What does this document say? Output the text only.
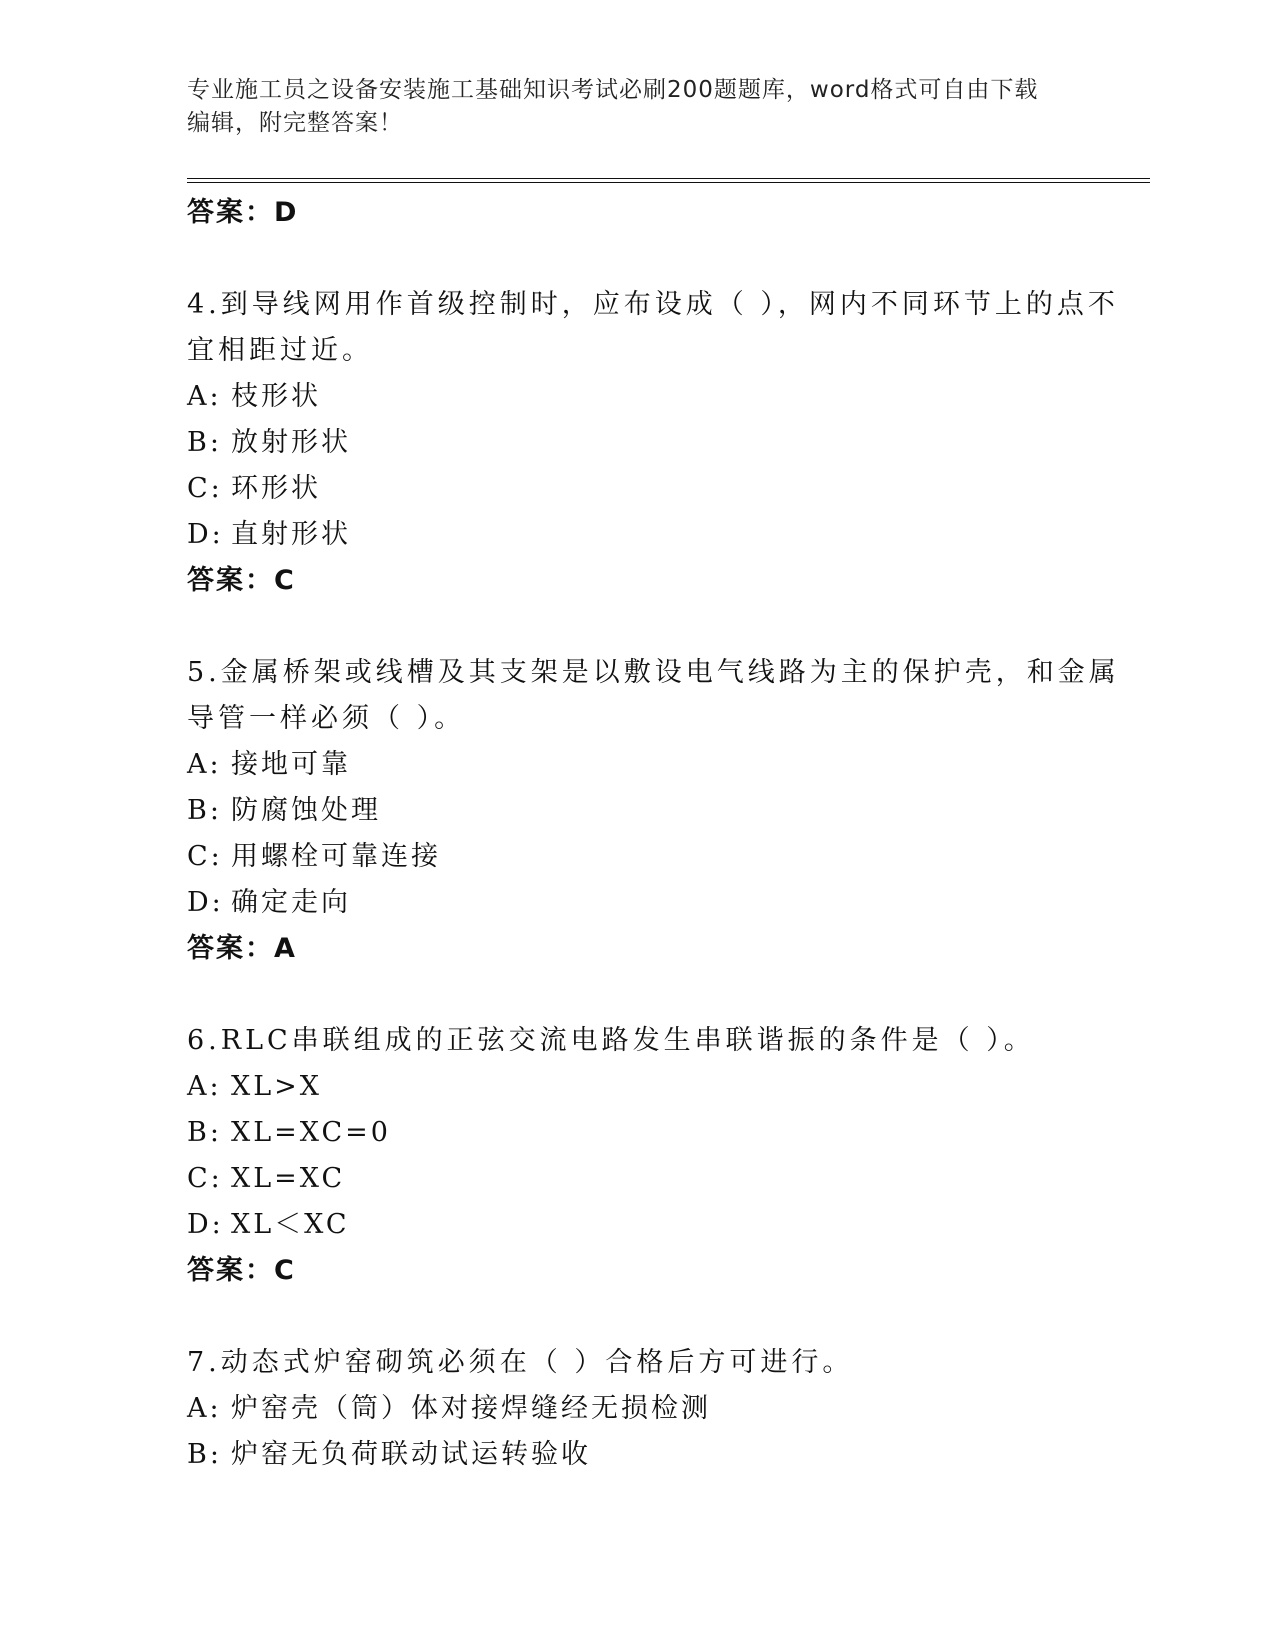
专业施工员之设备安装施工基础知识考试必刷200题题库，word格式可自由下载
编辑，附完整答案！
答案：D
4.到导线网用作首级控制时，应布设成（ ），网内不同环节上的点不
宜相距过近。
A: 枝形状
B: 放射形状
C: 环形状
D: 直射形状
答案：C
5.金属桥架或线槽及其支架是以敷设电气线路为主的保护壳，和金属
导管一样必须（ ）。
A: 接地可靠
B: 防腐蚀处理
C: 用螺栓可靠连接
D: 确定走向
答案：A
6.RLC串联组成的正弦交流电路发生串联谐振的条件是（ ）。
A: XL>X
B: XL=XC=0
C: XL=XC
D: XL＜XC
答案：C
7.动态式炉窑砌筑必须在（ ）合格后方可进行。
A: 炉窑壳（筒）体对接焊缝经无损检测
B: 炉窑无负荷联动试运转验收
